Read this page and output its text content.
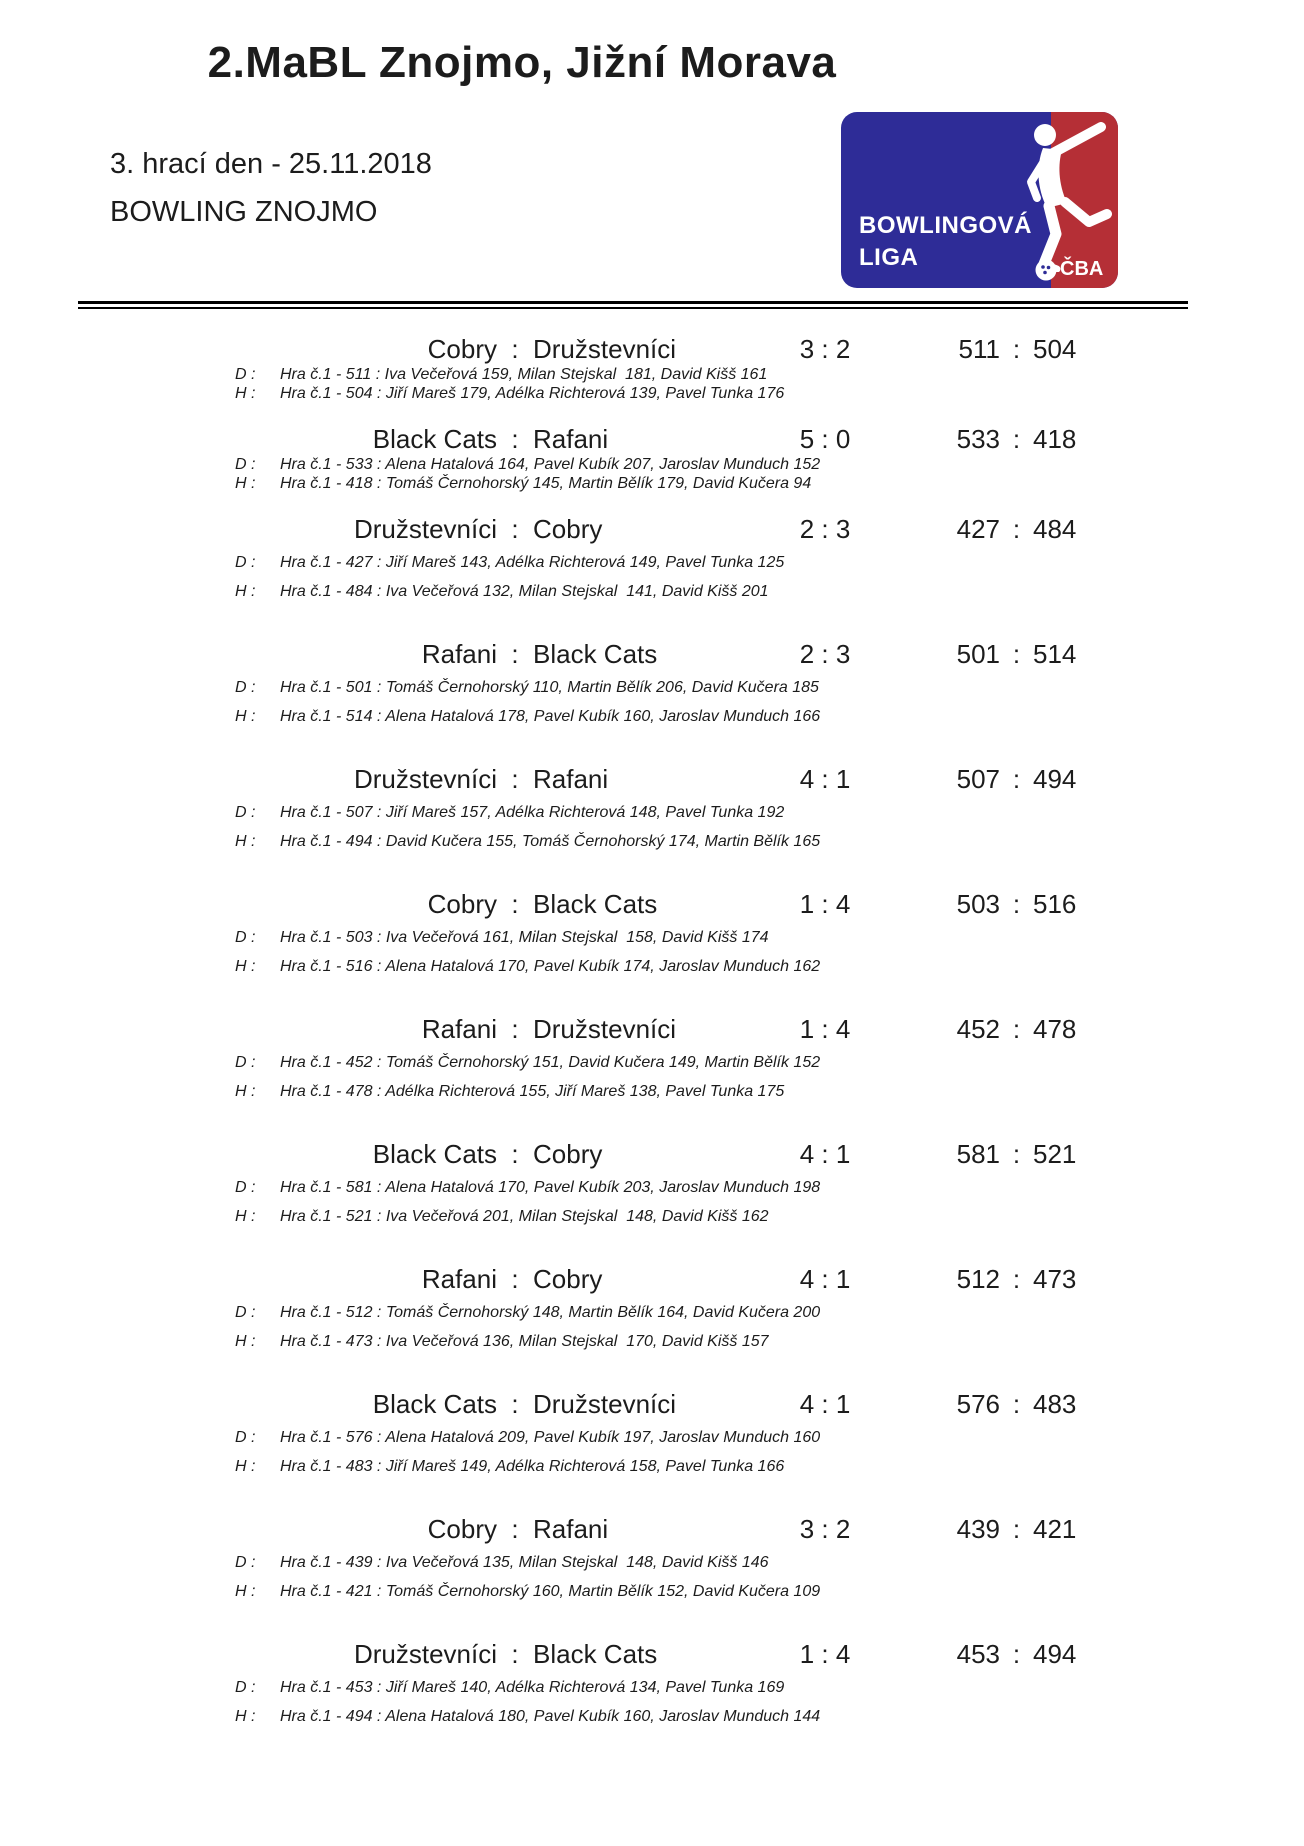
2.MaBL Znojmo, Jižní Morava
3. hrací den - 25.11.2018
BOWLING ZNOJMO	BOWLINGOVÁ
LIGA	ČBA
Cobry : Družstevníci	3 : 2	511 : 504
D : Hra č.1 - 511 : Iva Večeřová 159, Milan Stejskal  181, David Kišš 161
H : Hra č.1 - 504 : Jiří Mareš 179, Adélka Richterová 139, Pavel Tunka 176
Black Cats : Rafani	5 : 0	533 : 418
D : Hra č.1 - 533 : Alena Hatalová 164, Pavel Kubík 207, Jaroslav Munduch 152
H : Hra č.1 - 418 : Tomáš Černohorský 145, Martin Bělík 179, David Kučera 94
Družstevníci : Cobry	2 : 3	427 : 484
D : Hra č.1 - 427 : Jiří Mareš 143, Adélka Richterová 149, Pavel Tunka 125
H : Hra č.1 - 484 : Iva Večeřová 132, Milan Stejskal  141, David Kišš 201
Rafani : Black Cats	2 : 3	501 : 514
D : Hra č.1 - 501 : Tomáš Černohorský 110, Martin Bělík 206, David Kučera 185
H : Hra č.1 - 514 : Alena Hatalová 178, Pavel Kubík 160, Jaroslav Munduch 166
Družstevníci : Rafani	4 : 1	507 : 494
D : Hra č.1 - 507 : Jiří Mareš 157, Adélka Richterová 148, Pavel Tunka 192
H : Hra č.1 - 494 : David Kučera 155, Tomáš Černohorský 174, Martin Bělík 165
Cobry : Black Cats	1 : 4	503 : 516
D : Hra č.1 - 503 : Iva Večeřová 161, Milan Stejskal  158, David Kišš 174
H : Hra č.1 - 516 : Alena Hatalová 170, Pavel Kubík 174, Jaroslav Munduch 162
Rafani : Družstevníci	1 : 4	452 : 478
D : Hra č.1 - 452 : Tomáš Černohorský 151, David Kučera 149, Martin Bělík 152
H : Hra č.1 - 478 : Adélka Richterová 155, Jiří Mareš 138, Pavel Tunka 175
Black Cats : Cobry	4 : 1	581 : 521
D : Hra č.1 - 581 : Alena Hatalová 170, Pavel Kubík 203, Jaroslav Munduch 198
H : Hra č.1 - 521 : Iva Večeřová 201, Milan Stejskal  148, David Kišš 162
Rafani : Cobry	4 : 1	512 : 473
D : Hra č.1 - 512 : Tomáš Černohorský 148, Martin Bělík 164, David Kučera 200
H : Hra č.1 - 473 : Iva Večeřová 136, Milan Stejskal  170, David Kišš 157
Black Cats : Družstevníci	4 : 1	576 : 483
D : Hra č.1 - 576 : Alena Hatalová 209, Pavel Kubík 197, Jaroslav Munduch 160
H : Hra č.1 - 483 : Jiří Mareš 149, Adélka Richterová 158, Pavel Tunka 166
Cobry : Rafani	3 : 2	439 : 421
D : Hra č.1 - 439 : Iva Večeřová 135, Milan Stejskal  148, David Kišš 146
H : Hra č.1 - 421 : Tomáš Černohorský 160, Martin Bělík 152, David Kučera 109
Družstevníci : Black Cats	1 : 4	453 : 494
D : Hra č.1 - 453 : Jiří Mareš 140, Adélka Richterová 134, Pavel Tunka 169
H : Hra č.1 - 494 : Alena Hatalová 180, Pavel Kubík 160, Jaroslav Munduch 144
